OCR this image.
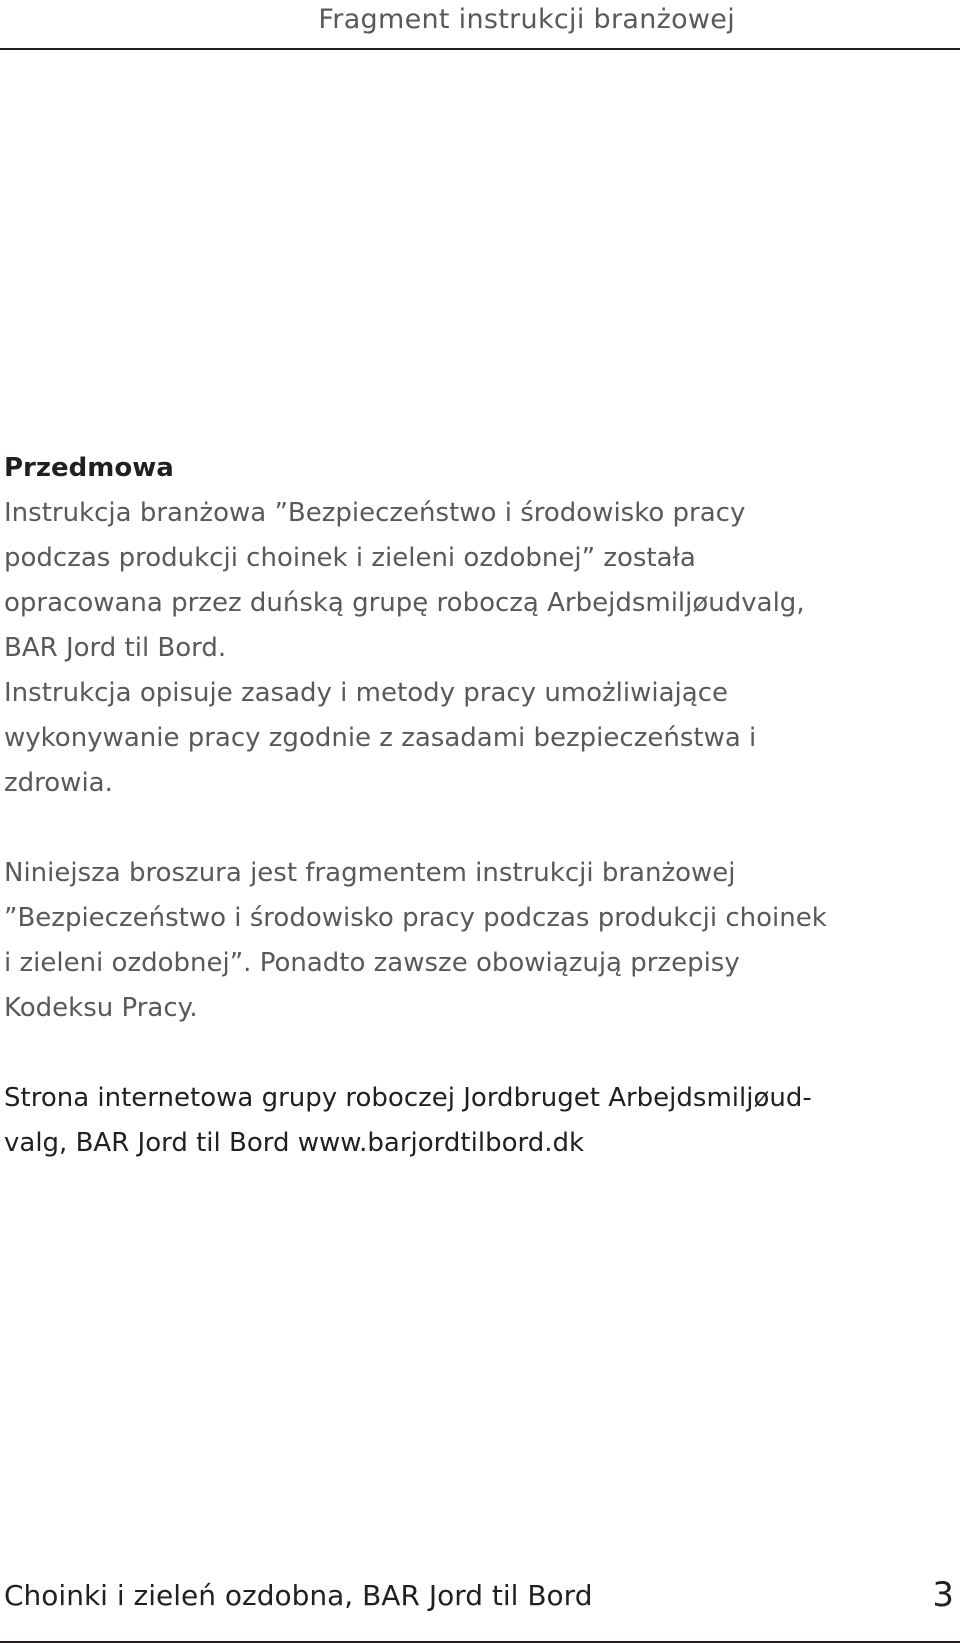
Fragment instrukcji branżowej

Przedmowa

Instrukcja branżowa ”Bezpieczeństwo i środowisko pracy

podczas produkcji choinek i zieleni ozdobnej” została

opracowana przez duńską grupę roboczą Arbejdsmiljøudvalg,

BAR Jord til Bord.

Instrukcja opisuje zasady i metody pracy umożliwiające

wykonywanie pracy zgodnie z zasadami bezpieczeństwa i

zdrowia.

Niniejsza broszura jest fragmentem instrukcji branżowej

”Bezpieczeństwo i środowisko pracy podczas produkcji choinek

i zieleni ozdobnej”. Ponadto zawsze obowiązują przepisy

Kodeksu Pracy.

Strona internetowa grupy roboczej Jordbruget Arbejdsmiljøud-

valg, BAR Jord til Bord www.barjordtilbord.dk

Choinki i zieleń ozdobna, BAR Jord til Bord	3
